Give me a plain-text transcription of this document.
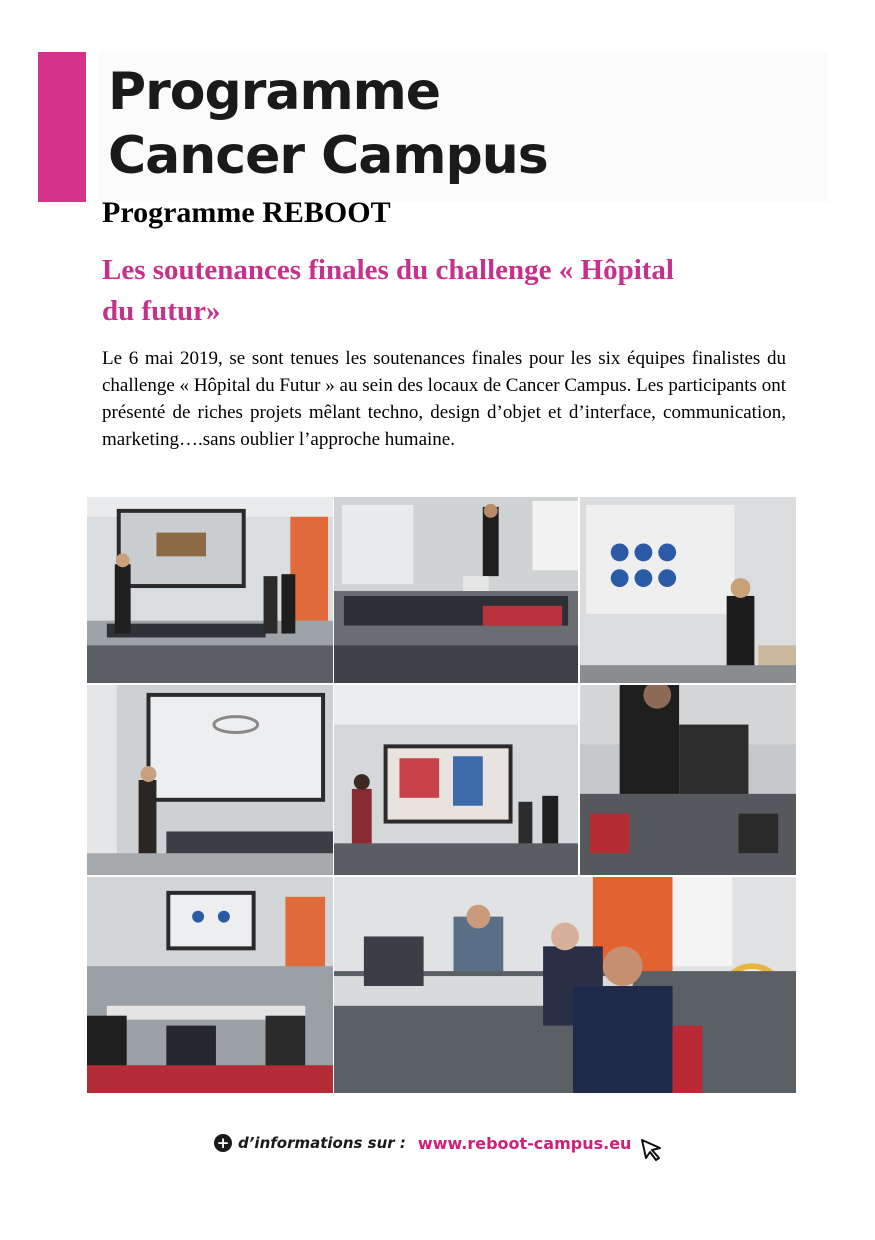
Programme
Cancer Campus
Programme REBOOT
Les soutenances finales du challenge « Hôpital
du futur»

Le 6 mai 2019, se sont tenues les soutenances finales pour les six équipes finalistes du challenge « Hôpital du Futur » au sein des locaux de Cancer Campus. Les participants ont présenté de riches projets mêlant techno, design d’objet et d’interface, communication, marketing….sans oublier l’approche humaine.

+ d’informations sur : www.reboot-campus.eu
